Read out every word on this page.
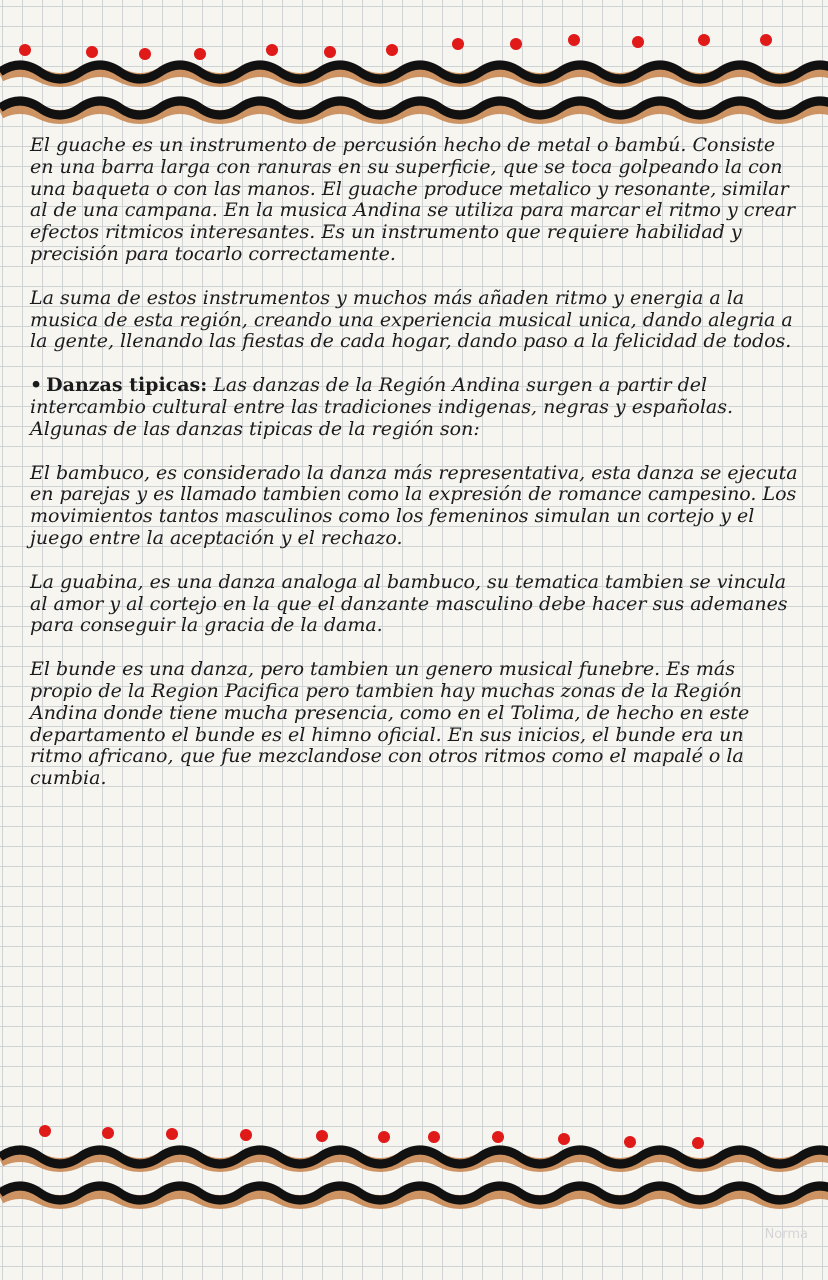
El guache es un instrumento de percusión hecho de metal o bambú. Consiste en una barra larga con ranuras en su superficie, que se toca golpeando la con una baqueta o con las manos. El guache produce metalico y resonante, similar al de una campana. En la musica Andina se utiliza para marcar el ritmo y crear efectos ritmicos interesantes. Es un instrumento que requiere habilidad y precisión para tocarlo correctamente.

La suma de estos instrumentos y muchos más añaden ritmo y energia a la musica de esta región, creando una experiencia musical unica, dando alegria a la gente, llenando las fiestas de cada hogar, dando paso a la felicidad de todos.

• Danzas tipicas: Las danzas de la Región Andina surgen a partir del intercambio cultural entre las tradiciones indigenas, negras y españolas. Algunas de las danzas tipicas de la región son:

El bambuco, es considerado la danza más representativa, esta danza se ejecuta en parejas y es llamado tambien como la expresión de romance campesino. Los movimientos tantos masculinos como los femeninos simulan un cortejo y el juego entre la aceptación y el rechazo.

La guabina, es una danza analoga al bambuco, su tematica tambien se vincula al amor y al cortejo en la que el danzante masculino debe hacer sus ademanes para conseguir la gracia de la dama.

El bunde es una danza, pero tambien un genero musical funebre. Es más propio de la Region Pacifica pero tambien hay muchas zonas de la Región Andina donde tiene mucha presencia, como en el Tolima, de hecho en este departamento el bunde es el himno oficial. En sus inicios, el bunde era un ritmo africano, que fue mezclandose con otros ritmos como el mapalé o la cumbia.

Norma
